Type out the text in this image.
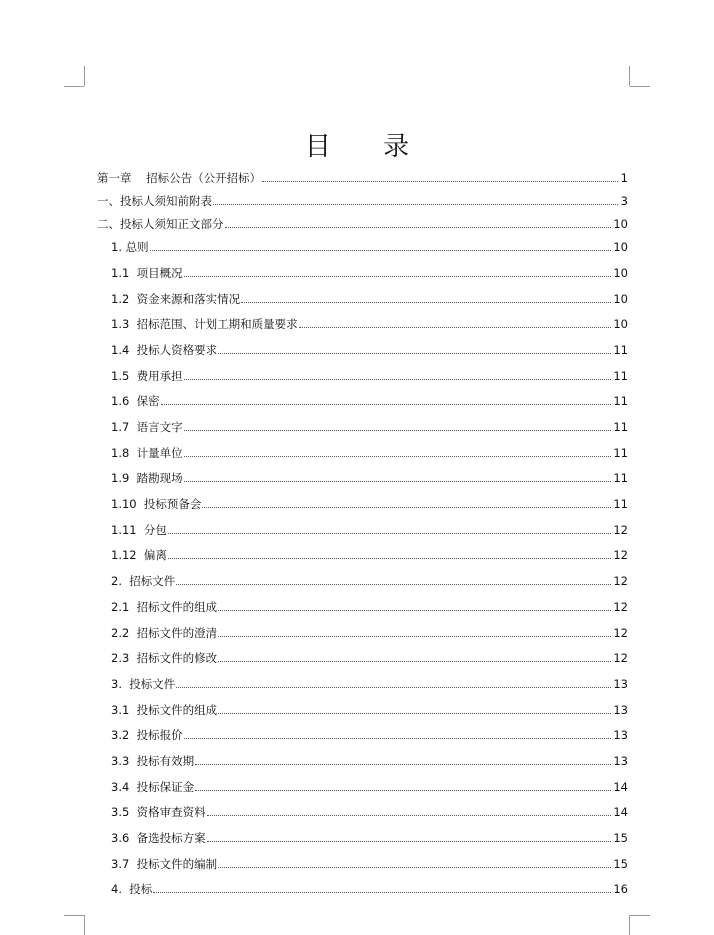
目 录
第一章    招标公告（公开招标）	1
一、投标人须知前附表	3
二、投标人须知正文部分	10
1. 总则	10
1.1  项目概况	10
1.2  资金来源和落实情况	10
1.3  招标范围、计划工期和质量要求	10
1.4  投标人资格要求	11
1.5  费用承担	11
1.6  保密	11
1.7  语言文字	11
1.8  计量单位	11
1.9  踏勘现场	11
1.10  投标预备会	11
1.11  分包	12
1.12  偏离	12
2.  招标文件	12
2.1  招标文件的组成	12
2.2  招标文件的澄清	12
2.3  招标文件的修改	12
3.  投标文件	13
3.1  投标文件的组成	13
3.2  投标报价	13
3.3  投标有效期	13
3.4  投标保证金	14
3.5  资格审查资料	14
3.6  备选投标方案	15
3.7  投标文件的编制	15
4.  投标	16
